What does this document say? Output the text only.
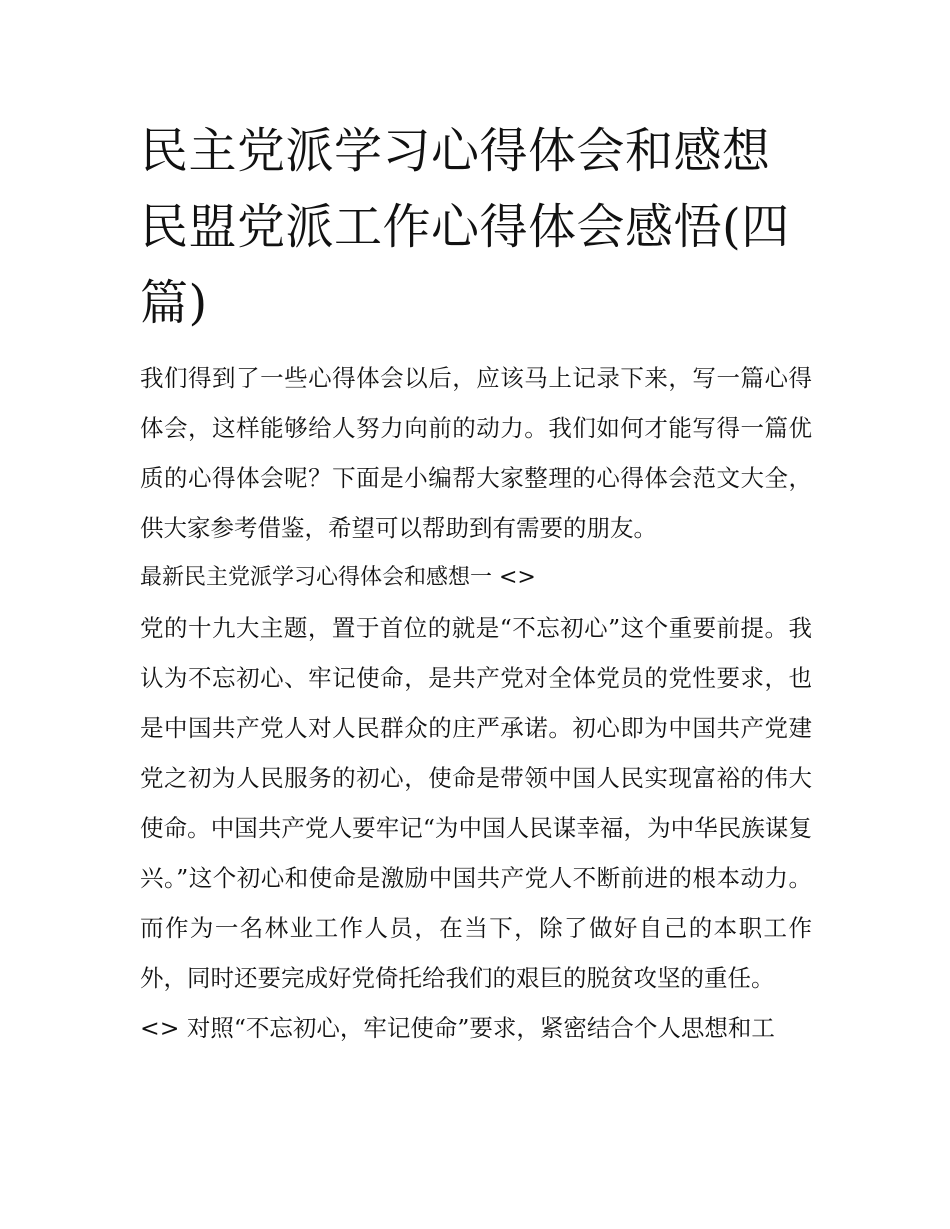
民主党派学习心得体会和感想民盟党派工作心得体会感悟(四篇)

我们得到了一些心得体会以后，应该马上记录下来，写一篇心得体会，这样能够给人努力向前的动力。我们如何才能写得一篇优质的心得体会呢？下面是小编帮大家整理的心得体会范文大全，供大家参考借鉴，希望可以帮助到有需要的朋友。

最新民主党派学习心得体会和感想一 <>

党的十九大主题，置于首位的就是“不忘初心”这个重要前提。我认为不忘初心、牢记使命，是共产党对全体党员的党性要求，也是中国共产党人对人民群众的庄严承诺。初心即为中国共产党建党之初为人民服务的初心，使命是带领中国人民实现富裕的伟大使命。中国共产党人要牢记“为中国人民谋幸福，为中华民族谋复兴。”这个初心和使命是激励中国共产党人不断前进的根本动力。而作为一名林业工作人员，在当下，除了做好自己的本职工作外，同时还要完成好党倚托给我们的艰巨的脱贫攻坚的重任。

<> 对照“不忘初心，牢记使命”要求，紧密结合个人思想和工
